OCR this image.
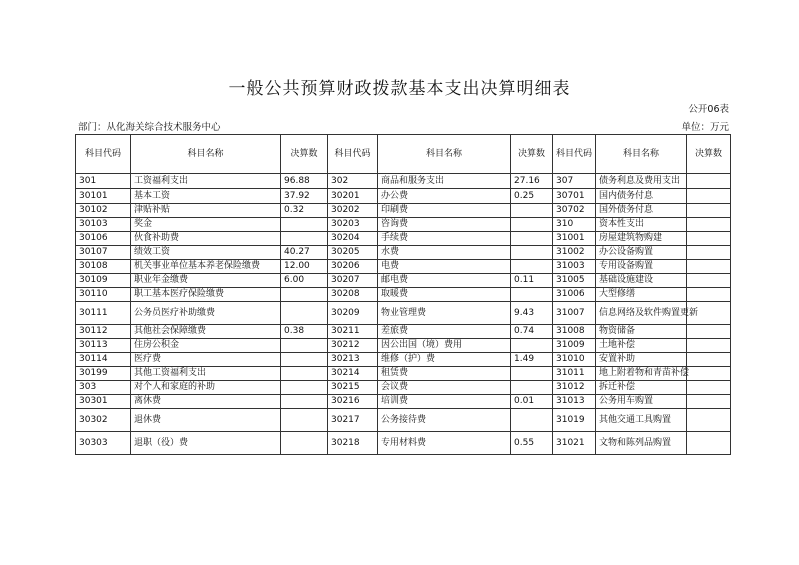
一般公共预算财政拨款基本支出决算明细表
公开06表
部门：从化海关综合技术服务中心	单位：万元
科目代码	科目名称	决算数	科目代码	科目名称	决算数	科目代码	科目名称	决算数
301	工资福利支出	96.88	302	商品和服务支出	27.16	307	债务利息及费用支出	
30101	基本工资	37.92	30201	办公费	0.25	30701	国内债务付息	
30102	津贴补贴	0.32	30202	印刷费		30702	国外债务付息	
30103	奖金		30203	咨询费		310	资本性支出	
30106	伙食补助费		30204	手续费		31001	房屋建筑物购建	
30107	绩效工资	40.27	30205	水费		31002	办公设备购置	
30108	机关事业单位基本养老保险缴费	12.00	30206	电费		31003	专用设备购置	
30109	职业年金缴费	6.00	30207	邮电费	0.11	31005	基础设施建设	
30110	职工基本医疗保险缴费		30208	取暖费		31006	大型修缮	
30111	公务员医疗补助缴费		30209	物业管理费	9.43	31007	信息网络及软件购置更新	
30112	其他社会保障缴费	0.38	30211	差旅费	0.74	31008	物资储备	
30113	住房公积金		30212	因公出国（境）费用		31009	土地补偿	
30114	医疗费		30213	维修（护）费	1.49	31010	安置补助	
30199	其他工资福利支出		30214	租赁费		31011	地上附着物和青苗补偿	
303	对个人和家庭的补助		30215	会议费		31012	拆迁补偿	
30301	离休费		30216	培训费	0.01	31013	公务用车购置	
30302	退休费		30217	公务接待费		31019	其他交通工具购置	
30303	退职（役）费		30218	专用材料费	0.55	31021	文物和陈列品购置	
